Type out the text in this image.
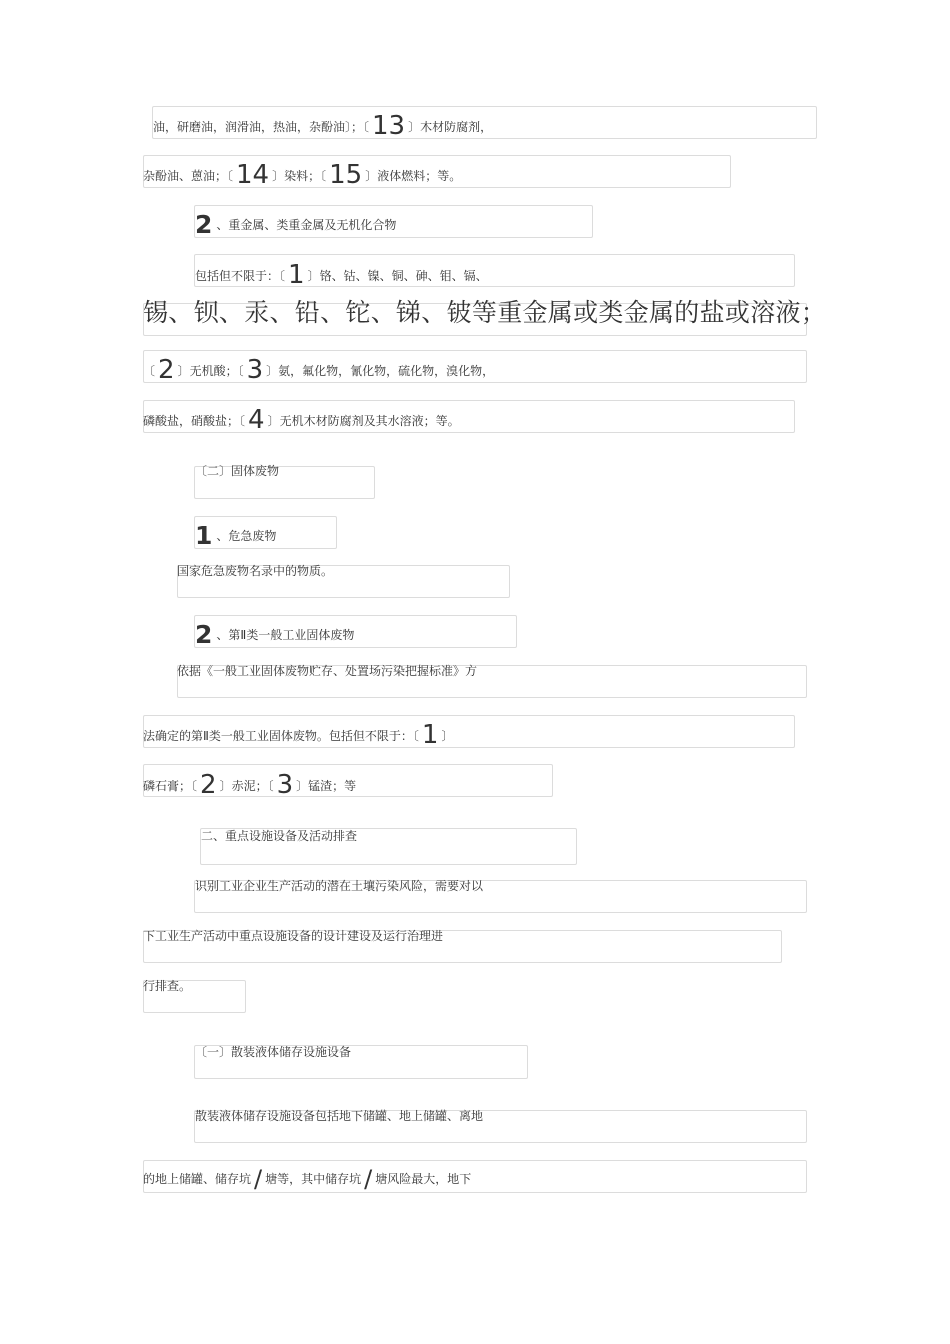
油，研磨油，润滑油，热油，杂酚油〕；〔 13 〕木材防腐剂，
杂酚油、蒽油；〔 14 〕染料；〔 15 〕液体燃料；等。
2 、重金属、类重金属及无机化合物
包括但不限于：〔 1 〕铬、钴、镍、铜、砷、钼、镉、
锡、钡、汞、铅、铊、锑、铍等重金属或类金属的盐或溶液；
〔 2 〕无机酸；〔 3 〕氨，氟化物，氰化物，硫化物，溴化物，
磷酸盐，硝酸盐；〔 4 〕无机木材防腐剂及其水溶液；等。
〔二〕固体废物
1 、危急废物
国家危急废物名录中的物质。
2 、第Ⅱ类一般工业固体废物
依据《一般工业固体废物贮存、处置场污染把握标准》方
法确定的第Ⅱ类一般工业固体废物。包括但不限于：〔 1 〕
磷石膏；〔 2 〕赤泥；〔 3 〕锰渣；等
二、重点设施设备及活动排查
识别工业企业生产活动的潜在土壤污染风险，需要对以
下工业生产活动中重点设施设备的设计建设及运行治理进
行排查。
〔一〕散装液体储存设施设备
散装液体储存设施设备包括地下储罐、地上储罐、离地
的地上储罐、储存坑 / 塘等，其中储存坑 / 塘风险最大，地下
